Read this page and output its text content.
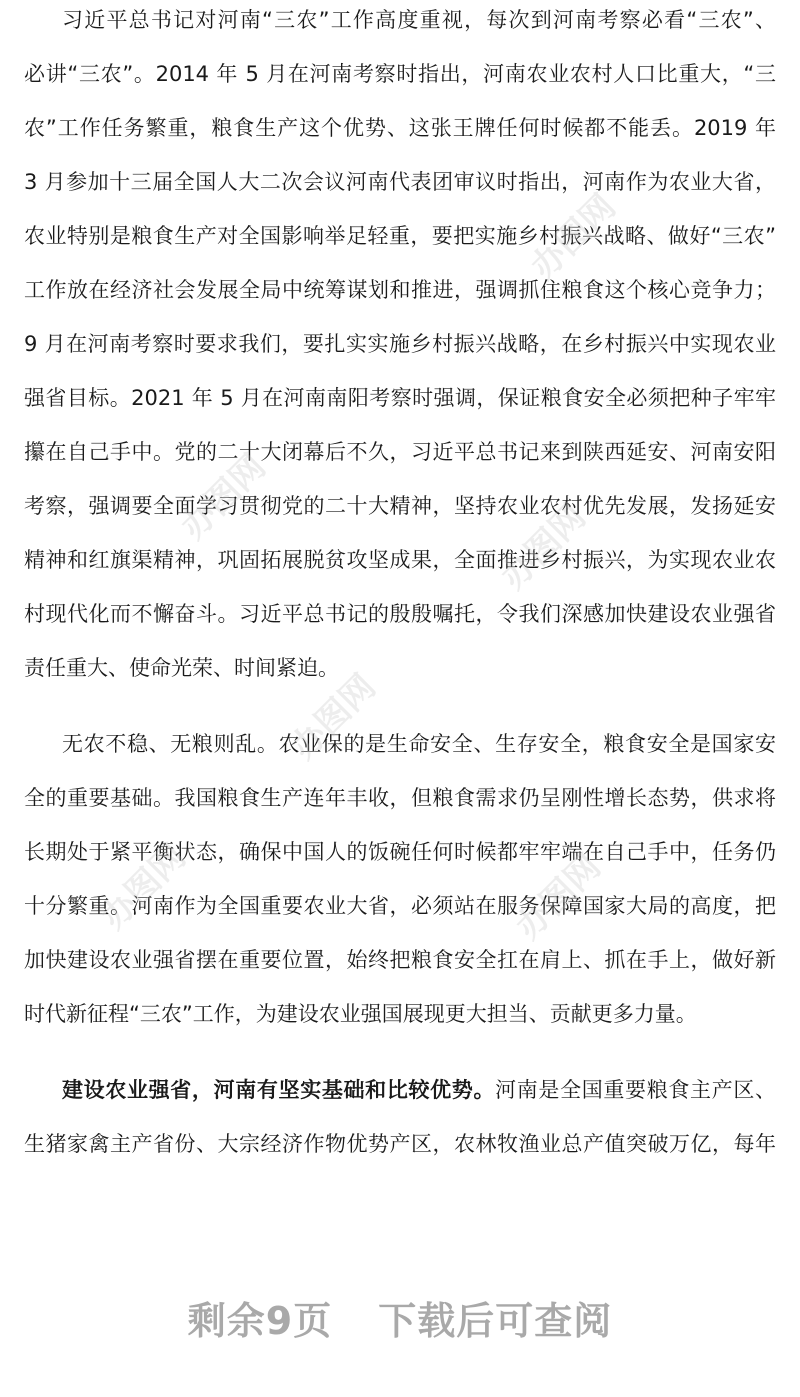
习近平总书记对河南“三农”工作高度重视，每次到河南考察必看“三农”、
必讲“三农”。2014 年 5 月在河南考察时指出，河南农业农村人口比重大，“三
农”工作任务繁重，粮食生产这个优势、这张王牌任何时候都不能丢。2019 年
3 月参加十三届全国人大二次会议河南代表团审议时指出，河南作为农业大省，
农业特别是粮食生产对全国影响举足轻重，要把实施乡村振兴战略、做好“三农”
工作放在经济社会发展全局中统筹谋划和推进，强调抓住粮食这个核心竞争力；
9 月在河南考察时要求我们，要扎实实施乡村振兴战略，在乡村振兴中实现农业
强省目标。2021 年 5 月在河南南阳考察时强调，保证粮食安全必须把种子牢牢
攥在自己手中。党的二十大闭幕后不久，习近平总书记来到陕西延安、河南安阳
考察，强调要全面学习贯彻党的二十大精神，坚持农业农村优先发展，发扬延安
精神和红旗渠精神，巩固拓展脱贫攻坚成果，全面推进乡村振兴，为实现农业农
村现代化而不懈奋斗。习近平总书记的殷殷嘱托，令我们深感加快建设农业强省
责任重大、使命光荣、时间紧迫。
无农不稳、无粮则乱。农业保的是生命安全、生存安全，粮食安全是国家安
全的重要基础。我国粮食生产连年丰收，但粮食需求仍呈刚性增长态势，供求将
长期处于紧平衡状态，确保中国人的饭碗任何时候都牢牢端在自己手中，任务仍
十分繁重。河南作为全国重要农业大省，必须站在服务保障国家大局的高度，把
加快建设农业强省摆在重要位置，始终把粮食安全扛在肩上、抓在手上，做好新
时代新征程“三农”工作，为建设农业强国展现更大担当、贡献更多力量。
建设农业强省，河南有坚实基础和比较优势。河南是全国重要粮食主产区、
生猪家禽主产省份、大宗经济作物优势产区，农林牧渔业总产值突破万亿，每年
办图网
办图网	办图网
办图网
办图网	办图网
剩余9页 下载后可查阅
